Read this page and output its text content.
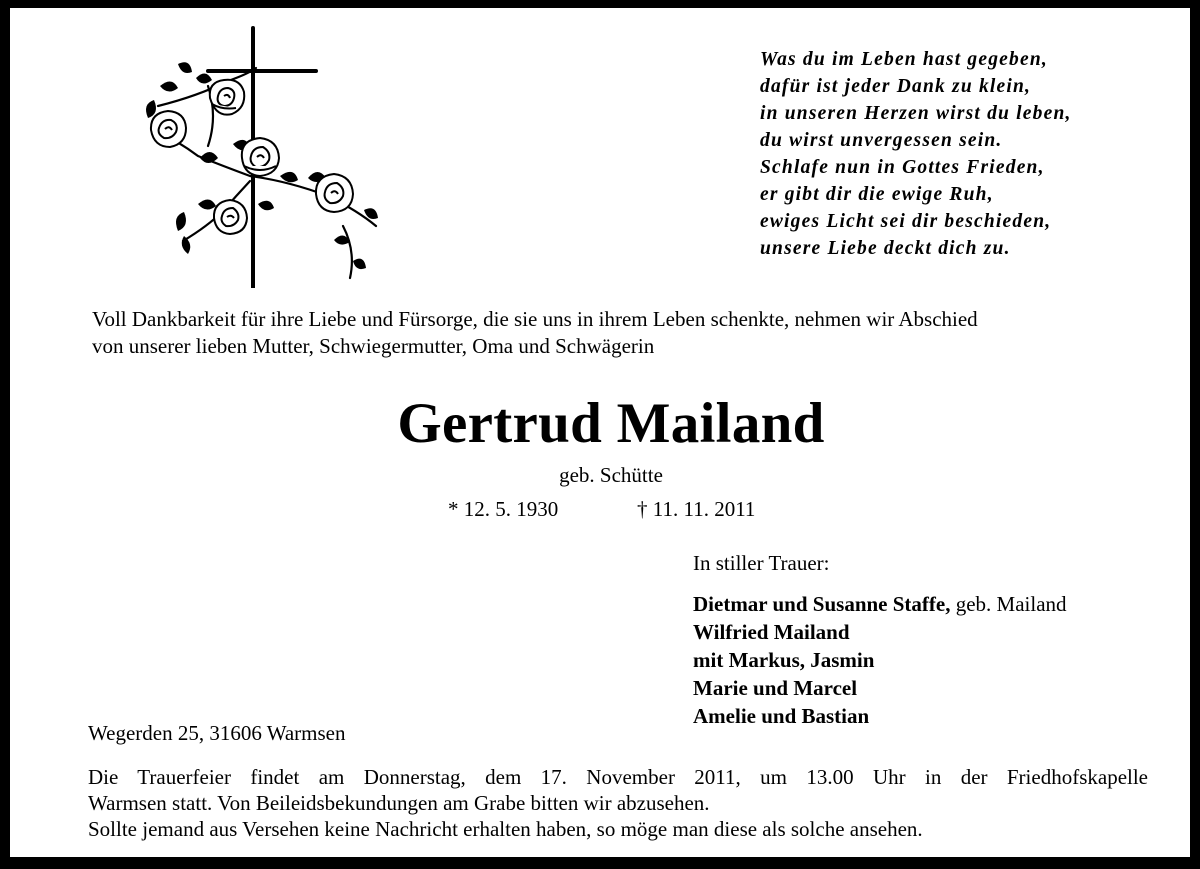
Was du im Leben hast gegeben,
dafür ist jeder Dank zu klein,
in unseren Herzen wirst du leben,
du wirst unvergessen sein.
Schlafe nun in Gottes Frieden,
er gibt dir die ewige Ruh,
ewiges Licht sei dir beschieden,
unsere Liebe deckt dich zu.

Voll Dankbarkeit für ihre Liebe und Fürsorge, die sie uns in ihrem Leben schenkte, nehmen wir Abschied
von unserer lieben Mutter, Schwiegermutter, Oma und Schwägerin

Gertrud Mailand
geb. Schütte
* 12. 5. 1930	† 11. 11. 2011
In stiller Trauer:
Dietmar und Susanne Staffe, geb. Mailand
Wilfried Mailand
mit Markus, Jasmin
Marie und Marcel
Amelie und Bastian
Wegerden 25, 31606 Warmsen

Die Trauerfeier findet am Donnerstag, dem 17. November 2011, um 13.00 Uhr in der Friedhofskapelle
Warmsen statt. Von Beileidsbekundungen am Grabe bitten wir abzusehen.
Sollte jemand aus Versehen keine Nachricht erhalten haben, so möge man diese als solche ansehen.
